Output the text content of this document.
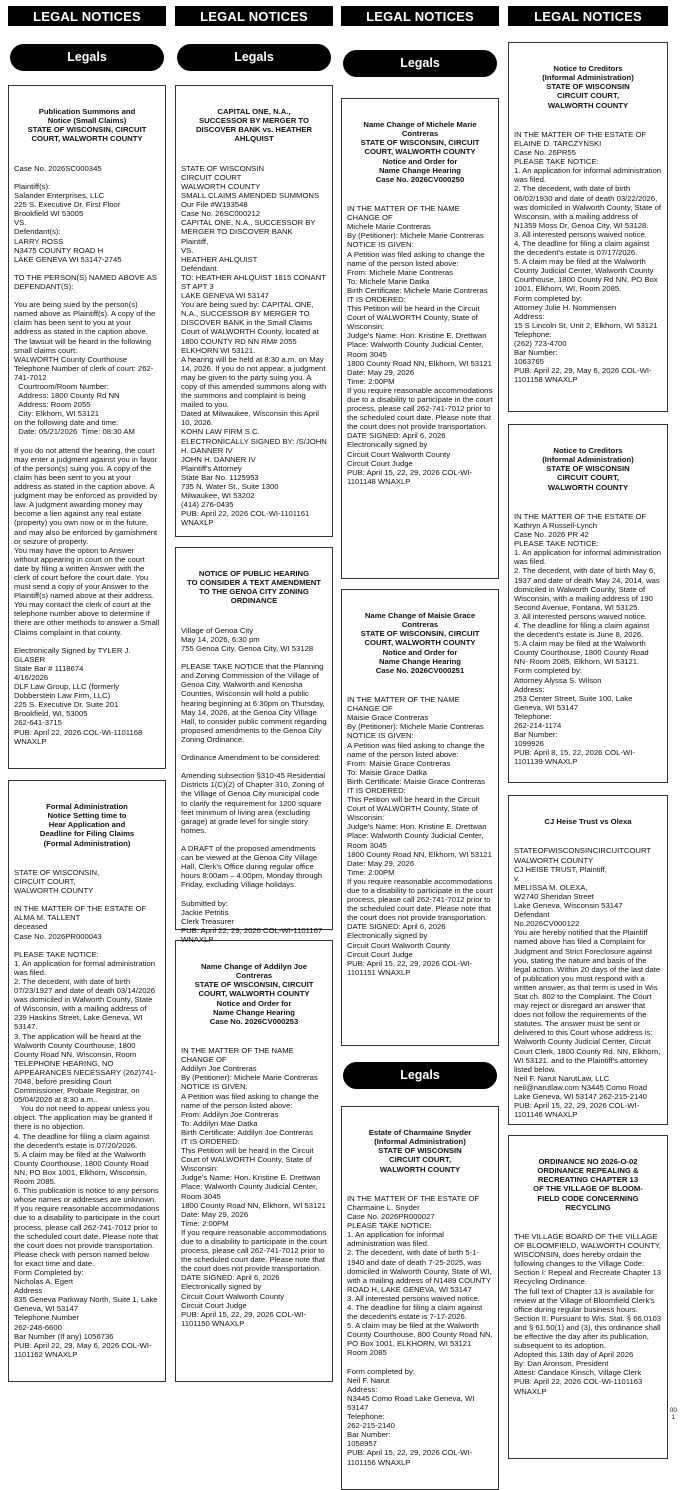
LEGAL NOTICES
Legals

Publication Summons and
Notice (Small Claims)
STATE OF WISCONSIN, CIRCUIT
COURT, WALWORTH COUNTY

Case No. 2026SC000345

Plaintiff(s):
Salander Enterprises, LLC
225 S. Executive Dr. First Floor
Brookfield WI 53005
VS.
Defendant(s):
LARRY ROSS
N3475 COUNTY ROAD H
LAKE GENEVA WI 53147-2745

TO THE PERSON(S) NAMED ABOVE AS DEFENDANT(S):

You are being sued by the person(s) named above as Plaintiff(s). A copy of the claim has been sent to you at your address as stated in the caption above.
The lawsuit will be heard in the following small claims court:
WALWORTH County Courthouse
Telephone Number of clerk of court: 262-741-7012
Courtroom/Room Number:
Address: 1800 County Rd NN
Address: Room 2055
City: Elkhorn, WI 53121
on the following date and time:
Date: 05/21/2026  Time: 08:30 AM

If you do not attend the hearing, the court may enter a judgment against you in favor of the person(s) suing you. A copy of the claim has been sent to you at your address as stated in the caption above. A judgment may be enforced as provided by law. A judgment awarding money may become a lien against any real estate (property) you own now or in the future, and may also be enforced by garnishment or seizure of property.
You may have the option to Answer without appearing in court on the court date by filing a written Answer with the clerk of court before the court date. You must send a copy of your Answer to the Plaintiff(s) named above at their address. You may contact the clerk of court at the telephone number above to determine if there are other methods to answer a Small Claims complaint in that county.

Electronically Signed by TYLER J. GLASER
State Bar # 1118674
4/16/2026
DLF Law Group, LLC (formerly Dobberstein Law Firm, LLC)
225 S. Executive Dr. Suite 201
Brookfield, WI, 53005
262-641-3715
PUB: April 22, 2026 COL-WI-1101168 WNAXLP

Formal Administration
Notice Setting time to
Hear Application and
Deadline for Filing Claims
(Formal Administration)

STATE OF WISCONSIN,
CIRCUIT COURT,
WALWORTH COUNTY

IN THE MATTER OF THE ESTATE OF
ALMA M. TALLENT
deceased
Case No. 2026PR000043

PLEASE TAKE NOTICE:
1. An application for formal administration was filed.
2. The decedent, with date of birth 07/23/1927 and date of death 03/14/2026 was domiciled in Walworth County, State of Wisconsin, with a mailing address of 239 Haskins Street, Lake Geneva, WI 53147.
3. The application will be heard at the Walworth County Courthouse, 1800 County Road NN, Wisconsin, Room TELEPHONE HEARING, NO APPEARANCES NECESSARY (262)741-7048, before presiding Court Commissioner, Probate Registrar, on 05/04/2026 at 8:30 a.m..
You do not need to appear unless you object. The application may be granted if there is no objection.
4. The deadline for filing a claim against the decedent's estate is 07/20/2026.
5. A claim may be filed at the Walworth County Courthouse, 1800 County Road NN, PO Box 1001, Elkhorn, Wisconsin, Room 2085.
6. This publication is notice to any persons whose names or addresses are unknown.
If you require reasonable accommodations due to a disability to participate in the court process, please call 262-741-7012 prior to the scheduled court date. Please note that the court does not provide transportation.
Please check with person named below for exact time and date.
Form Completed by:
Nicholas A. Egert
Address
835 Geneva Parkway North, Suite 1, Lake Geneva, WI 53147
Telephone Number
262-248-6600
Bar Number (If any) 1056736
PUB: April 22, 29, May 6, 2026 COL-WI-1101162 WNAXLP

LEGAL NOTICES
Legals

CAPITAL ONE, N.A.,
SUCCESSOR BY MERGER TO
DISCOVER BANK vs. HEATHER
AHLQUIST

STATE OF WISCONSIN
CIRCUIT COURT
WALWORTH COUNTY
SMALL CLAIMS AMENDED SUMMONS
Our File #W193548
Case No. 26SC000212
CAPITAL ONE, N.A., SUCCESSOR BY MERGER TO DISCOVER BANK
Plaintiff,
VS.
HEATHER AHLQUIST
Defendant.
TO: HEATHER AHLQUIST 1815 CONANT ST APT 3
LAKE GENEVA WI 53147
You are being sued by: CAPITAL ONE, N.A., SUCCESSOR BY MERGER TO DISCOVER BANK in the Small Claims Court of WALWORTH County, located at 1800 COUNTY RD NN RM# 2055 ELKHORN WI 53121.
A hearing will be held at 8:30 a.m. on May 14, 2026. If you do not appear, a judgment may be given to the party suing you. A copy of this amended summons along with the summons and complaint is being mailed to you.
Dated at Milwaukee, Wisconsin this April 10, 2026.
KOHN LAW FIRM S.C.
ELECTRONICALLY SIGNED BY: /S/JOHN H. DANNER IV
JOHN H. DANNER IV
Plaintiff's Attorney
State Bar No. 1125953
735 N. Water St., Suite 1300
Milwaukee, WI 53202
(414) 276-0435
PUB: April 22, 2026 COL-WI-1101161 WNAXLP

NOTICE OF PUBLIC HEARING
TO CONSIDER A TEXT AMENDMENT
TO THE GENOA CITY ZONING
ORDINANCE

Village of Genoa City
May 14, 2026, 6:30 pm
755 Genoa City, Genoa City, WI 53128

PLEASE TAKE NOTICE that the Planning and Zoning Commission of the Village of Genoa City, Walworth and Kenosha Counties, Wisconsin will hold a public hearing beginning at 6:30pm on Thursday, May 14, 2026, at the Genoa City Village Hall, to consider public comment regarding proposed amendments to the Genoa City Zoning Ordinance.

Ordinance Amendment to be considered:

Amending subsection §310-45 Residential Districts 1(C)(2) of Chapter 310, Zoning of the Village of Genoa City municipal code to clarify the requirement for 1200 square feet minimum of living area (excluding garage) at grade level for single story homes.

A DRAFT of the proposed amendments can be viewed at the Genoa City Village Hall, Clerk's Office during regular office hours 8:00am – 4:00pm, Monday through Friday, excluding Village holidays.

Submitted by:
Jackie Petritis
Clerk Treasurer
PUB: April 22, 29, 2026 COL-WI-1101167 WNAXLP

Name Change of Addilyn Joe
Contreras
STATE OF WISCONSIN, CIRCUIT
COURT, WALWORTH COUNTY
Notice and Order for
Name Change Hearing
Case No. 2026CV000253

IN THE MATTER OF THE NAME CHANGE OF
Addilyn Joe Contreras
By (Petitioner): Michele Marie Contreras
NOTICE IS GIVEN:
A Petition was filed asking to change the name of the person listed above:
From: Addilyn Joe Contreras
To: Addilyn Mae Datka
Birth Certificate: Addilyn Joe Contreras
IT IS ORDERED:
This Petition will be heard in the Circuit Court of WALWORTH County, State of Wisconsin:
Judge's Name: Hon. Kristine E. Drettwan
Place: Walworth County Judicial Center, Room 3045
1800 County Road NN, Elkhorn, WI 53121
Date: May 29, 2026
Time: 2:00PM
If you require reasonable accommodations due to a disability to participate in the court process, please call 262-741-7012 prior to the scheduled court date. Please note that the court does not provide transportation.
DATE SIGNED: April 6, 2026
Electronically signed by
Circuit Court Walworth County
Circuit Court Judge
PUB: April 15, 22, 29, 2026 COL-WI-1101150 WNAXLP

LEGAL NOTICES
Legals

Name Change of Michele Marie
Contreras
STATE OF WISCONSIN, CIRCUIT
COURT, WALWORTH COUNTY
Notice and Order for
Name Change Hearing
Case No. 2026CV000250

IN THE MATTER OF THE NAME CHANGE OF
Michele Marie Contreras
By (Petitioner): Michele Marie Contreras
NOTICE IS GIVEN:
A Petition was filed asking to change the name of the person listed above:
From: Michele Marie Contreras
To: Michele Marie Datka
Birth Certificate: Michele Marie Contreras
IT IS ORDERED:
This Petition will be heard in the Circuit Court of WALWORTH County, State of Wisconsin:
Judge's Name: Hon. Kristine E. Drettwan
Place: Walworth County Judicial Center, Room 3045
1800 County Road NN, Elkhorn, WI 53121
Date: May 29, 2026
Time: 2:00PM
If you require reasonable accommodations due to a disability to participate in the court process, please call 262-741-7012 prior to the scheduled court date. Please note that the court does not provide transportation.
DATE SIGNED: April 6, 2026
Electronically signed by
Circuit Court Walworth County
Circuit Court Judge
PUB: April 15, 22, 29, 2026 COL-WI-1101148 WNAXLP

Name Change of Maisie Grace
Contreras
STATE OF WISCONSIN, CIRCUIT
COURT, WALWORTH COUNTY
Notice and Order for
Name Change Hearing
Case No. 2026CV000251

IN THE MATTER OF THE NAME CHANGE OF
Maisie Grace Contreras
By (Petitioner): Michele Marie Contreras
NOTICE IS GIVEN:
A Petition was filed asking to change the name of the person listed above:
From: Maisie Grace Contreras
To: Maisie Grace Datka
Birth Certificate: Maisie Grace Contreras
IT IS ORDERED:
This Petition will be heard in the Circuit Court of WALWORTH County, State of Wisconsin:
Judge's Name: Hon. Kristine E. Drettwan
Place: Walworth County Judicial Center, Room 3045
1800 County Road NN, Elkhorn, WI 53121
Date: May 29, 2026
Time: 2:00PM
If you require reasonable accommodations due to a disability to participate in the court process, please call 262-741-7012 prior to the scheduled court date. Please note that the court does not provide transportation.
DATE SIGNED: April 6, 2026
Electronically signed by
Circuit Court Walworth County
Circuit Court Judge
PUB: April 15, 22, 29, 2026 COL-WI-1101151 WNAXLP

Legals

Estate of Charmaine Snyder
(Informal Administration)
STATE OF WISCONSIN
CIRCUIT COURT,
WALWORTH COUNTY

IN THE MATTER OF THE ESTATE OF Charmaine L. Snyder
Case No. 2026PR000027
PLEASE TAKE NOTICE:
1. An application for informal administration was filed.
2. The decedent, with date of birth 5-1-1940 and date of death 7-25-2025, was domiciled in Walworth County, State of WI, with a mailing address of N1489 COUNTY ROAD H, LAKE GENEVA, WI 53147
3. All interested persons waived notice.
4. The deadline for filing a claim against the decedent's estate is 7-17-2026.
5. A claim may be filed at the Walworth County Courthouse, 800 County Road NN, PO Box 1001, ELKHORN, WI 53121 Room 2085

Form completed by:
Neil F. Narut
Address:
N3445 Como Road Lake Geneva, WI 53147
Telephone:
262-215-2140
Bar Number:
1058957
PUB: April 15, 22, 29, 2026 COL-WI-1101156 WNAXLP

LEGAL NOTICES

Notice to Creditors
(Informal Administration)
STATE OF WISCONSIN
CIRCUIT COURT,
WALWORTH COUNTY

IN THE MATTER OF THE ESTATE OF ELAINE D. TARCZYNSKI
Case No. 26PR55
PLEASE TAKE NOTICE:
1. An application for informal administration was filed.
2. The decedent, with date of birth 06/02/1930 and date of death 03/22/2026, was domiciled in Walworth County, State of Wisconsin, with a mailing address of N1359 Moss Dr, Genoa City, WI 53128.
3. All interested persons waived notice.
4. The deadline for filing a claim against the decedent's estate is 07/17/2026.
5. A claim may be filed at the Walworth County Judicial Center, Walworth County Courthouse, 1800 County Rd NN, PO Box 1001, Elkhorn, WI, Room 2085.
Form completed by:
Attorney Julie H. Nommensen
Address:
15 S Lincoln St, Unit 2, Elkhorn, WI 53121
Telephone:
(262) 723-4700
Bar Number:
1063765
PUB: April 22, 29, May 6, 2026 COL-WI-1101158 WNAXLP

Notice to Creditors
(Informal Administration)
STATE OF WISCONSIN
CIRCUIT COURT,
WALWORTH COUNTY

IN THE MATTER OF THE ESTATE OF Kathryn A Russell-Lynch
Case No. 2026 PR 42
PLEASE TAKE NOTICE:
1. An application for informal administration was filed.
2. The decedent, with date of birth May 6, 1937 and date of death May 24, 2014, was domiciled in Walworth County, State of Wisconsin, with a mailing address of 190 Second Avenue, Fontana, WI 53125.
3. All interested persons waived notice.
4. The deadline for filing a claim against the decedent's estate is June 8, 2026.
5. A claim may be filed at the Walworth County Courthouse, 1800 County Road NN- Room 2085, Elkhorn, WI 53121.
Form completed by:
Attorney Alyssa S. Wilson
Address:
253 Center Street, Suite 100, Lake Geneva, WI 53147
Telephone:
262-214-1174
Bar Number:
1099926
PUB: April 8, 15, 22, 2026 COL-WI-1101139 WNAXLP

CJ Heise Trust vs Olexa

STATEOFWISCONSINCIRCUITCOURT WALWORTH COUNTY
CJ HEISE TRUST, Plaintiff,
v.
MELISSA M. OLEXA,
W2740 Sheridan Street
Lake Geneva, Wisconsin 53147
Defendant
No.2026CV000122
You are hereby notified that the Plaintiff named above has filed a Complaint for Judgment and Strict Foreclosure against you, stating the nature and basis of the legal action. Within 20 days of the last date of publication you must respond with a written answer, as that term is used in Wis Stat ch. 802 to the Complaint. The Court may reject or disregard an answer that does not follow the requirements of the statutes. The answer must be sent or delivered to this Court whose address is: Walworth County Judicial Center, Circuit Court Clerk, 1800 County Rd. NN, Elkhorn, WI 53121. and to the Plaintiff's attorney listed below.
Neil F. Narut NarutLaw, LLC
neil@narutlaw.com N3445 Como Road Lake Geneva, WI 53147 262-215-2140
PUB: April 15, 22, 29, 2026 COL-WI-1101146 WNAXLP

ORDINANCE NO 2026-O-02
ORDINANCE REPEALING &
RECREATING CHAPTER 13
OF THE VILLAGE OF BLOOM-
FIELD CODE CONCERNING
RECYCLING

THE VILLAGE BOARD OF THE VILLAGE OF BLOOMFIELD, WALWORTH COUNTY, WISCONSIN, does hereby ordain the following changes to the Village Code:
Section I: Repeal and Recreate Chapter 13 Recycling Ordinance.
The full text of Chapter 13 is available for review at the Village of Bloomfield Clerk's office during regular business hours.
Section II: Pursuant to Wis. Stat. § 66.0103 and § 61.50(1) and (3), this ordinance shall be effective the day after its publication, subsequent to its adoption.
Adopted this 13th day of April 2026
By: Dan Aronson, President
Attest: Candace Kinsch, Village Clerk
PUB: April 22, 2026 COL-WI-1101163 WNAXLP

00
1
